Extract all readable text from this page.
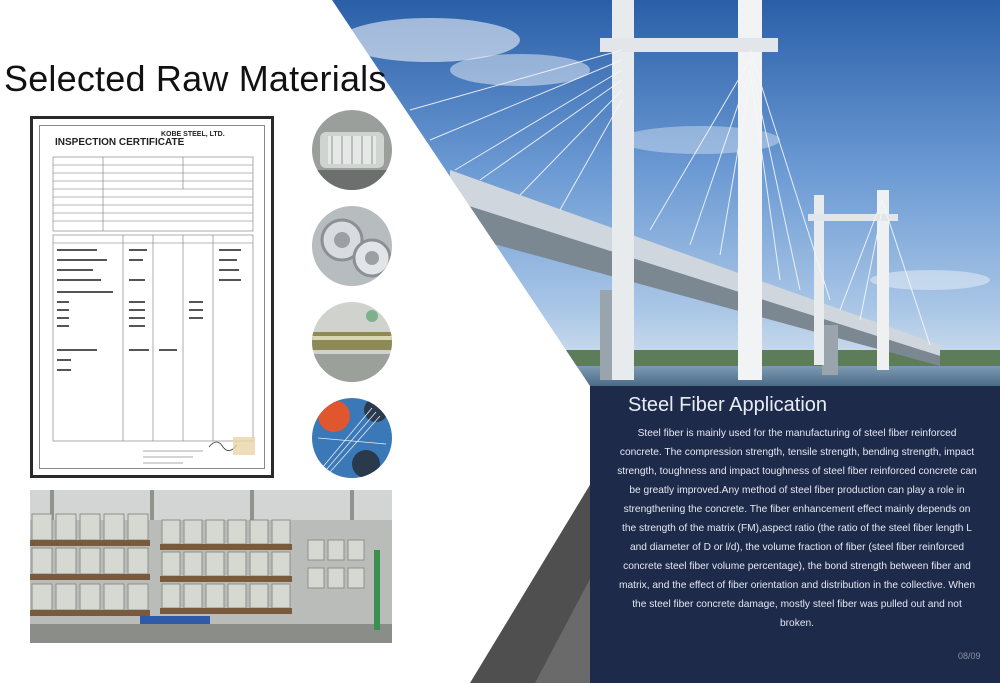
Selected Raw Materials
KOBE STEEL, LTD.
INSPECTION CERTIFICATE
Steel Fiber Application
Steel fiber is mainly used for the manufacturing of steel fiber reinforced concrete. The compression strength, tensile strength, bending strength, impact strength, toughness and impact toughness of steel fiber reinforced concrete can be greatly improved.Any method of steel fiber production can play a role in strengthening the concrete. The fiber enhancement effect mainly depends on the strength of the matrix (FM),aspect ratio (the ratio of the steel fiber length L and diameter of D or l/d), the volume fraction of fiber (steel fiber reinforced concrete steel fiber volume percentage), the bond strength between fiber and matrix, and the effect of fiber orientation and distribution in the collective. When the steel fiber concrete damage, mostly steel fiber was pulled out and not broken.
08/09
